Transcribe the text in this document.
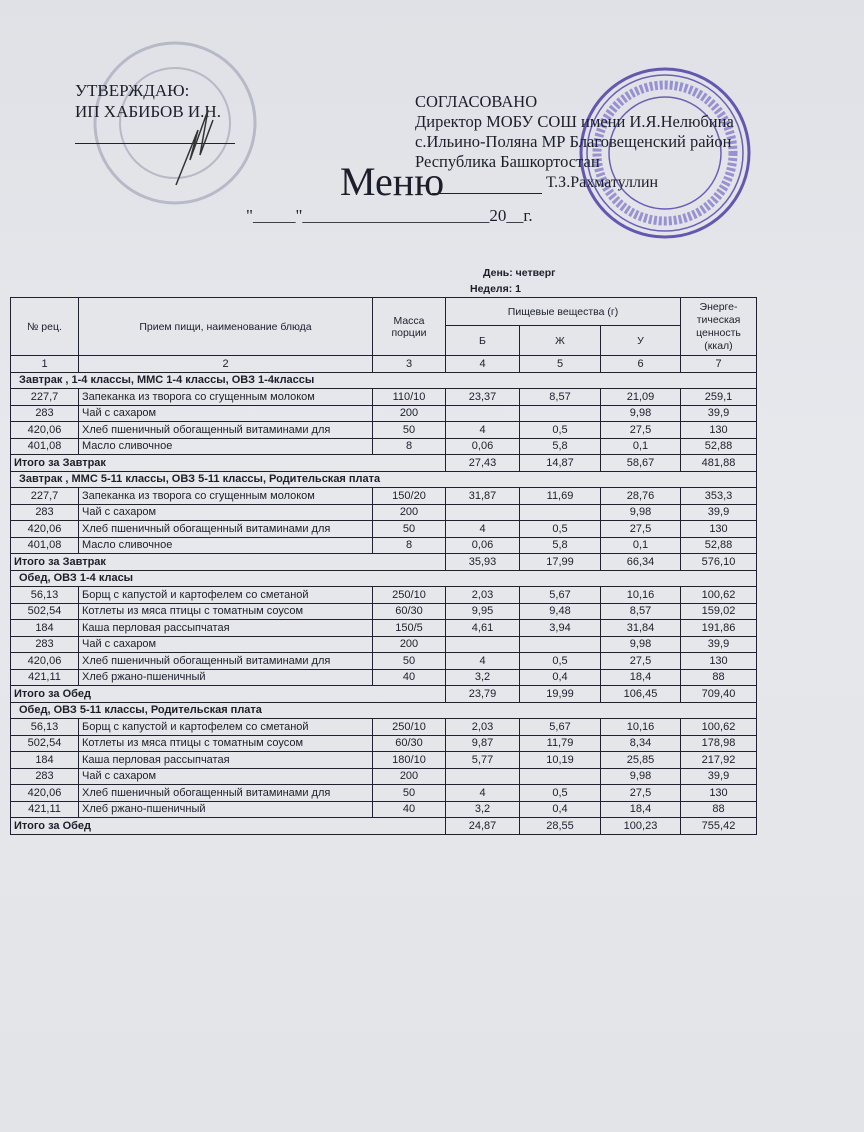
УТВЕРЖДАЮ:
ИП ХАБИБОВ И.Н.
СОГЛАСОВАНО
Директор МОБУ СОШ имени И.Я.Нелюбина
с.Ильино-Поляна МР Благовещенский район
Республика Башкортостан
Меню	Т.З.Рахматуллин
"_____"______________________20__г.
День: четверг
Неделя: 1
№ рец.	Прием пищи, наименование блюда	Масса порции	Пищевые вещества (г)			Энерге-тическая ценность (ккал)
			Б	Ж	У	
1	2	3	4	5	6	7
Завтрак , 1-4 классы, ММС 1-4 классы, ОВЗ 1-4классы						
227,7	Запеканка из творога со сгущенным молоком	110/10	23,37	8,57	21,09	259,1
283	Чай с сахаром	200			9,98	39,9
420,06	Хлеб пшеничный обогащенный витаминами для	50	4	0,5	27,5	130
401,08	Масло сливочное	8	0,06	5,8	0,1	52,88
Итого за Завтрак			27,43	14,87	58,67	481,88
Завтрак , ММС 5-11 классы, ОВЗ 5-11 классы, Родительская плата						
227,7	Запеканка из творога со сгущенным молоком	150/20	31,87	11,69	28,76	353,3
283	Чай с сахаром	200			9,98	39,9
420,06	Хлеб пшеничный обогащенный витаминами для	50	4	0,5	27,5	130
401,08	Масло сливочное	8	0,06	5,8	0,1	52,88
Итого за Завтрак			35,93	17,99	66,34	576,10
Обед, ОВЗ 1-4 класы						
56,13	Борщ с капустой и картофелем со сметаной	250/10	2,03	5,67	10,16	100,62
502,54	Котлеты из мяса птицы с томатным соусом	60/30	9,95	9,48	8,57	159,02
184	Каша перловая рассыпчатая	150/5	4,61	3,94	31,84	191,86
283	Чай с сахаром	200			9,98	39,9
420,06	Хлеб пшеничный обогащенный витаминами для	50	4	0,5	27,5	130
421,11	Хлеб ржано-пшеничный	40	3,2	0,4	18,4	88
Итого за Обед			23,79	19,99	106,45	709,40
Обед, ОВЗ 5-11 классы, Родительская плата						
56,13	Борщ с капустой и картофелем со сметаной	250/10	2,03	5,67	10,16	100,62
502,54	Котлеты из мяса птицы с томатным соусом	60/30	9,87	11,79	8,34	178,98
184	Каша перловая рассыпчатая	180/10	5,77	10,19	25,85	217,92
283	Чай с сахаром	200			9,98	39,9
420,06	Хлеб пшеничный обогащенный витаминами для	50	4	0,5	27,5	130
421,11	Хлеб ржано-пшеничный	40	3,2	0,4	18,4	88
Итого за Обед			24,87	28,55	100,23	755,42
